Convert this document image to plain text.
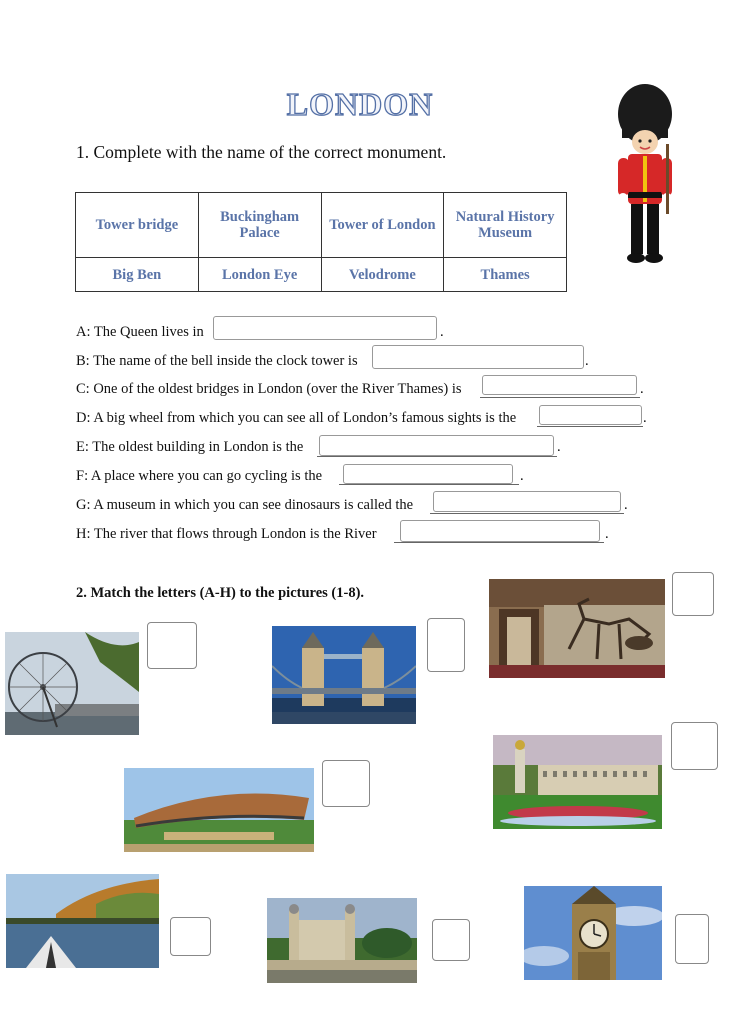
LONDON
1. Complete with the name of the correct monument.
Tower bridge	Buckingham Palace	Tower of London	Natural History Museum
Big Ben	London Eye	Velodrome	Thames
A: The Queen lives in	.
B: The name of the bell inside the clock tower is	.
C: One of the oldest bridges in London (over the River Thames) is	.
D: A big wheel from which you can see all of London’s famous sights is the	.
E: The oldest building in London is the	.
F: A place where you can go cycling is the	.
G: A museum in which you can see dinosaurs is called the	.
H: The river that flows through London is the River	.
2. Match the letters (A-H) to the pictures (1-8).
